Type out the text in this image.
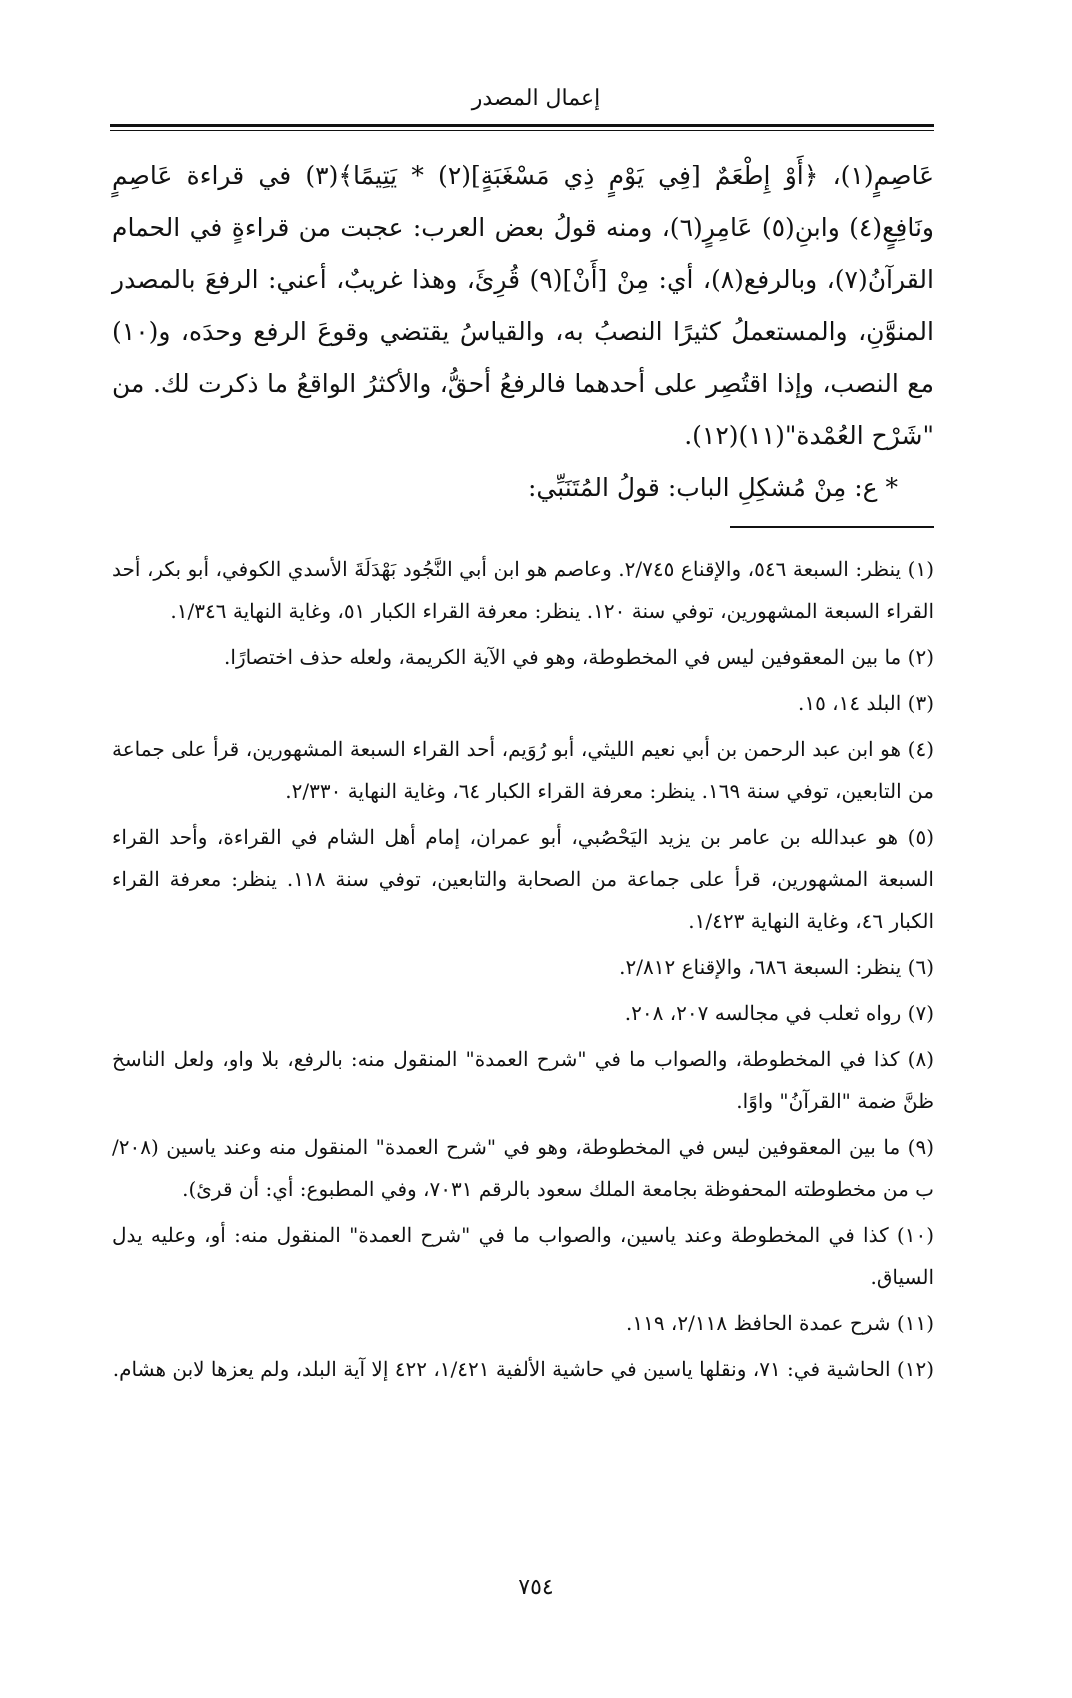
إعمال المصدر

عَاصِمٍ(١)، ﴿أَوْ إِطْعَمٌ [فِي يَوْمٍ ذِي مَسْغَبَةٍ](٢) * يَتِيمًا﴾(٣) في قراءة عَاصِمٍ ونَافِعٍ(٤) وابنِ(٥) عَامِرٍ(٦)، ومنه قولُ بعض العرب: عجبت من قراءةٍ في الحمام القرآنُ(٧)، وبالرفع(٨)، أي: مِنْ [أَنْ](٩) قُرِئَ، وهذا غريبٌ، أعني: الرفعَ بالمصدر المنوَّنِ، والمستعملُ كثيرًا النصبُ به، والقياسُ يقتضي وقوعَ الرفع وحدَه، و(١٠) مع النصب، وإذا اقتُصِر على أحدهما فالرفعُ أحقُّ، والأكثرُ الواقعُ ما ذكرت لك. من "شَرْح العُمْدة"(١١)(١٢).

* ع: مِنْ مُشكِلِ الباب: قولُ المُتَنَبِّي:

(١) ينظر: السبعة ٥٤٦، والإقناع ٢/٧٤٥. وعاصم هو ابن أبي النَّجُود بَهْدَلَةَ الأسدي الكوفي، أبو بكر، أحد القراء السبعة المشهورين، توفي سنة ١٢٠. ينظر: معرفة القراء الكبار ٥١، وغاية النهاية ١/٣٤٦.

(٢) ما بين المعقوفين ليس في المخطوطة، وهو في الآية الكريمة، ولعله حذف اختصارًا.

(٣) البلد ١٤، ١٥.

(٤) هو ابن عبد الرحمن بن أبي نعيم الليثي، أبو رُوَيم، أحد القراء السبعة المشهورين، قرأ على جماعة من التابعين، توفي سنة ١٦٩. ينظر: معرفة القراء الكبار ٦٤، وغاية النهاية ٢/٣٣٠.

(٥) هو عبدالله بن عامر بن يزيد اليَحْصُبي، أبو عمران، إمام أهل الشام في القراءة، وأحد القراء السبعة المشهورين، قرأ على جماعة من الصحابة والتابعين، توفي سنة ١١٨. ينظر: معرفة القراء الكبار ٤٦، وغاية النهاية ١/٤٢٣.

(٦) ينظر: السبعة ٦٨٦، والإقناع ٢/٨١٢.

(٧) رواه ثعلب في مجالسه ٢٠٧، ٢٠٨.

(٨) كذا في المخطوطة، والصواب ما في "شرح العمدة" المنقول منه: بالرفع، بلا واو، ولعل الناسخ ظنَّ ضمة "القرآنُ" واوًا.

(٩) ما بين المعقوفين ليس في المخطوطة، وهو في "شرح العمدة" المنقول منه وعند ياسين (٢٠٨/ب من مخطوطته المحفوظة بجامعة الملك سعود بالرقم ٧٠٣١، وفي المطبوع: أي: أن قرئ).

(١٠) كذا في المخطوطة وعند ياسين، والصواب ما في "شرح العمدة" المنقول منه: أو، وعليه يدل السياق.

(١١) شرح عمدة الحافظ ٢/١١٨، ١١٩.

(١٢) الحاشية في: ٧١، ونقلها ياسين في حاشية الألفية ١/٤٢١، ٤٢٢ إلا آية البلد، ولم يعزها لابن هشام.

٧٥٤
